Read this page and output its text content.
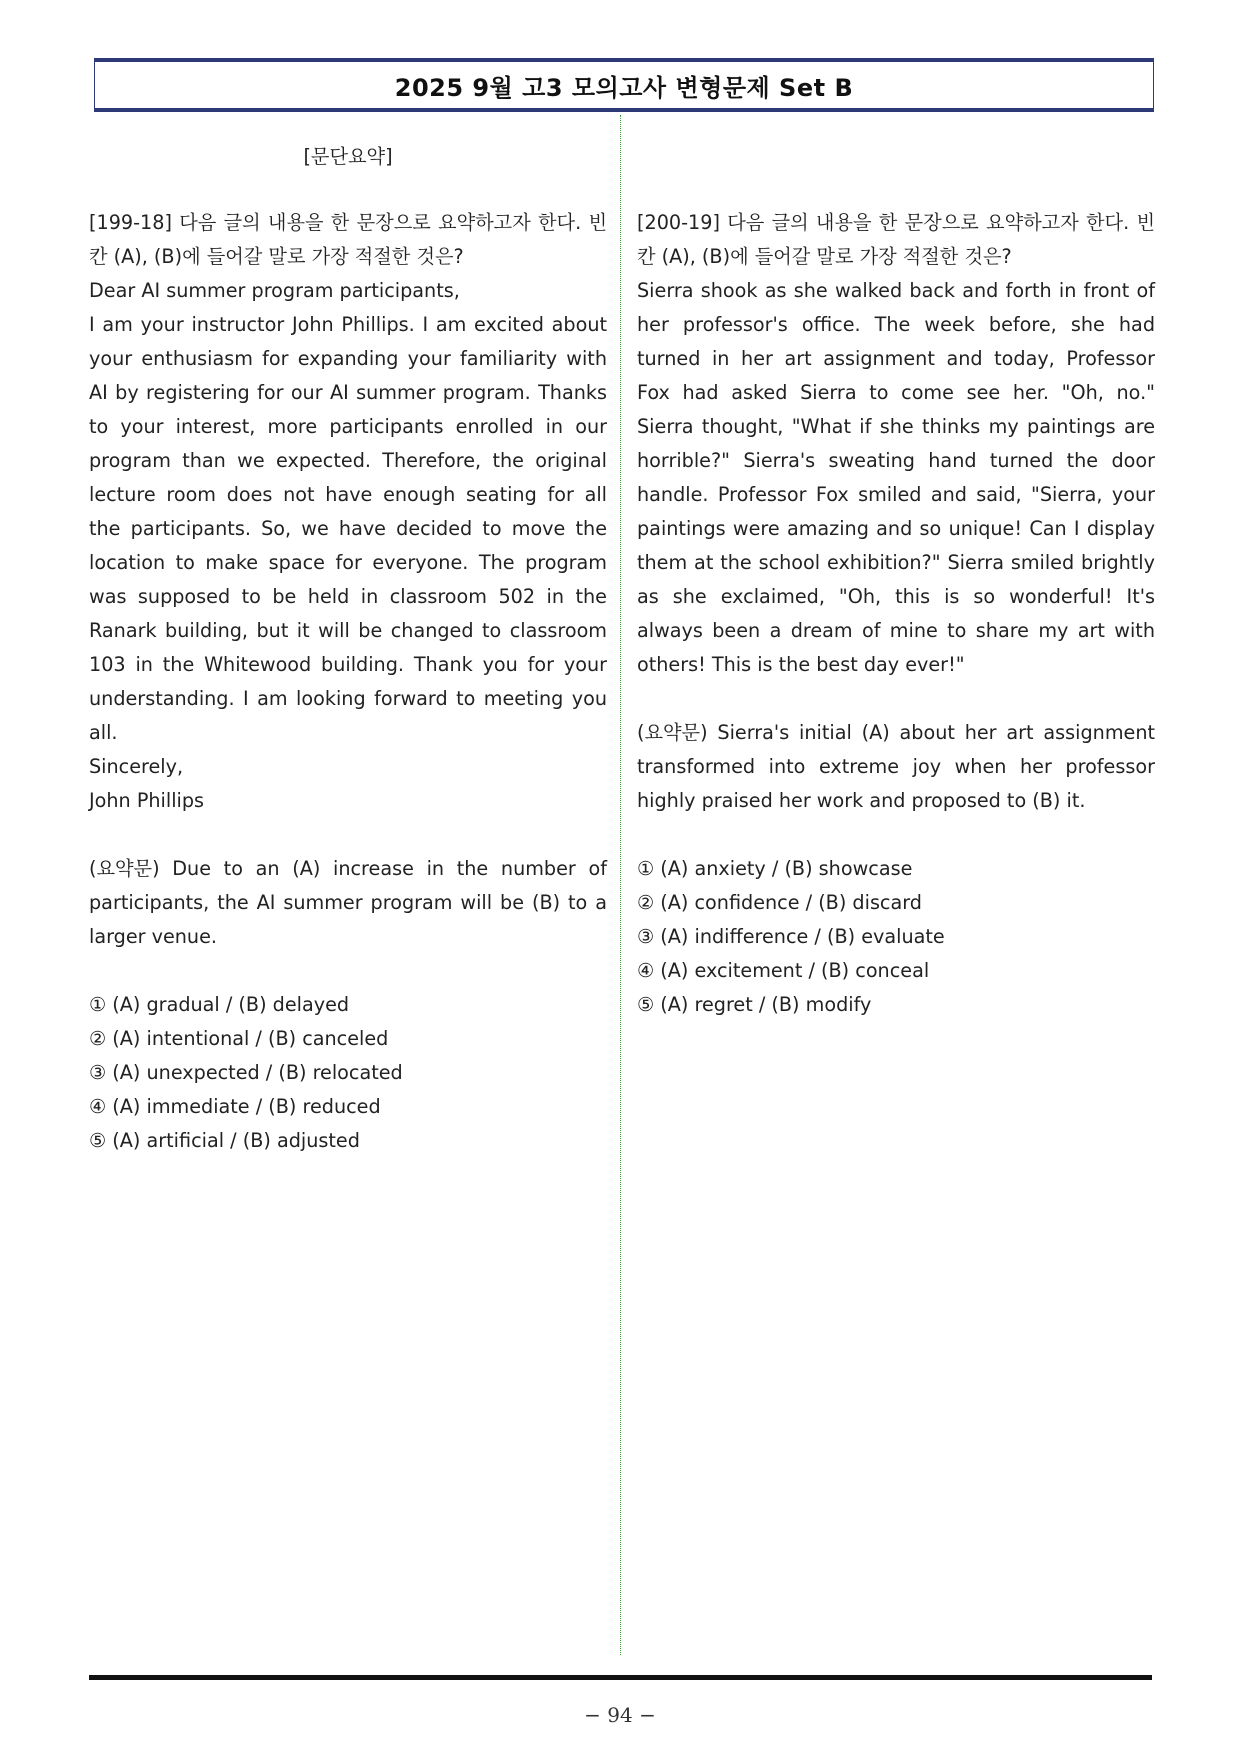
2025 9월 고3 모의고사 변형문제 Set B
[문단요약]

[199-18] 다음 글의 내용을 한 문장으로 요약하고자 한다. 빈칸 (A), (B)에 들어갈 말로 가장 적절한 것은?

Dear AI summer program participants,

I am your instructor John Phillips. I am excited about your enthusiasm for expanding your familiarity with AI by registering for our AI summer program. Thanks to your interest, more participants enrolled in our program than we expected. Therefore, the original lecture room does not have enough seating for all the participants. So, we have decided to move the location to make space for everyone. The program was supposed to be held in classroom 502 in the Ranark building, but it will be changed to classroom 103 in the Whitewood building. Thank you for your understanding. I am looking forward to meeting you all.

Sincerely,

John Phillips

(요약문) Due to an (A) increase in the number of participants, the AI summer program will be (B) to a larger venue.

① (A) gradual / (B) delayed

② (A) intentional / (B) canceled

③ (A) unexpected / (B) relocated

④ (A) immediate / (B) reduced

⑤ (A) artificial / (B) adjusted

[200-19] 다음 글의 내용을 한 문장으로 요약하고자 한다. 빈칸 (A), (B)에 들어갈 말로 가장 적절한 것은?

Sierra shook as she walked back and forth in front of her professor's office. The week before, she had turned in her art assignment and today, Professor Fox had asked Sierra to come see her. "Oh, no." Sierra thought, "What if she thinks my paintings are horrible?" Sierra's sweating hand turned the door handle. Professor Fox smiled and said, "Sierra, your paintings were amazing and so unique! Can I display them at the school exhibition?" Sierra smiled brightly as she exclaimed, "Oh, this is so wonderful! It's always been a dream of mine to share my art with others! This is the best day ever!"

(요약문) Sierra's initial (A) about her art assignment transformed into extreme joy when her professor highly praised her work and proposed to (B) it.

① (A) anxiety / (B) showcase

② (A) confidence / (B) discard

③ (A) indifference / (B) evaluate

④ (A) excitement / (B) conceal

⑤ (A) regret / (B) modify

− 94 −
